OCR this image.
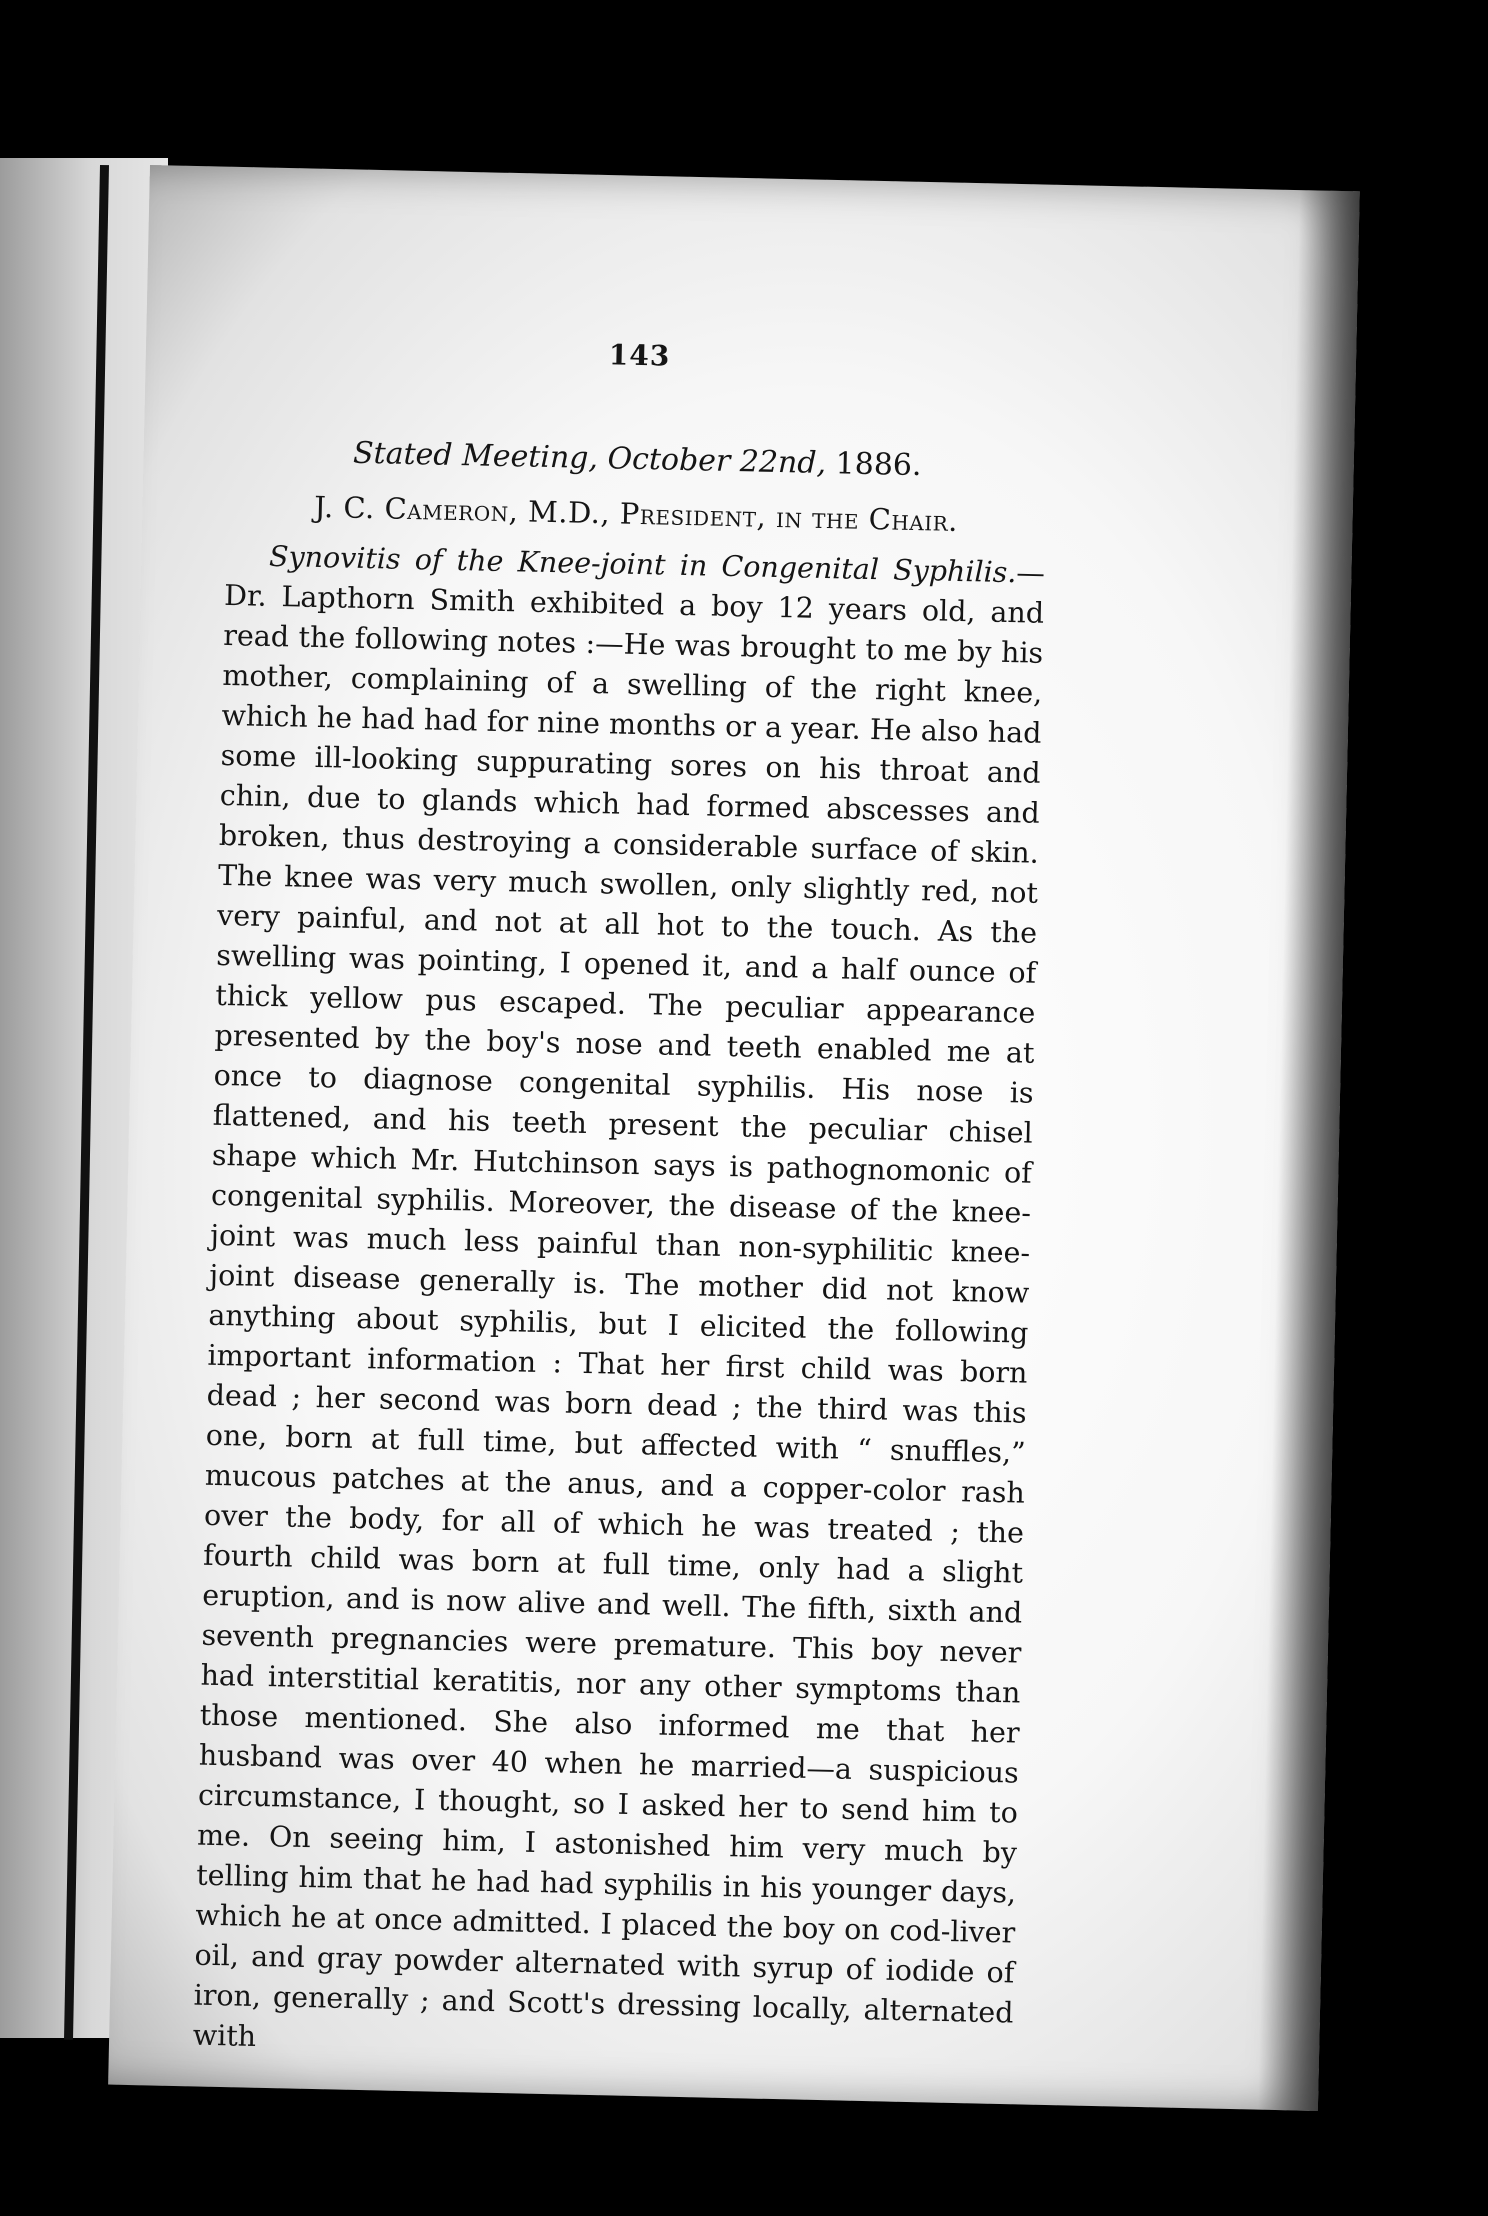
143
Stated Meeting, October 22nd, 1886.
J. C. Cameron, M.D., President, in the Chair.

Synovitis of the Knee-joint in Congenital Syphilis.—Dr. Lapthorn Smith exhibited a boy 12 years old, and read the following notes :—He was brought to me by his mother, complaining of a swelling of the right knee, which he had had for nine months or a year. He also had some ill-looking suppurating sores on his throat and chin, due to glands which had formed abscesses and broken, thus destroying a considerable surface of skin. The knee was very much swollen, only slightly red, not very painful, and not at all hot to the touch. As the swelling was pointing, I opened it, and a half ounce of thick yellow pus escaped. The peculiar appearance presented by the boy's nose and teeth enabled me at once to diagnose congenital syphilis. His nose is flattened, and his teeth present the peculiar chisel shape which Mr. Hutchinson says is pathognomonic of congenital syphilis. Moreover, the disease of the knee-joint was much less painful than non-syphilitic knee-joint disease generally is. The mother did not know anything about syphilis, but I elicited the following important information : That her first child was born dead ; her second was born dead ; the third was this one, born at full time, but affected with “ snuffles,” mucous patches at the anus, and a copper-color rash over the body, for all of which he was treated ; the fourth child was born at full time, only had a slight eruption, and is now alive and well. The fifth, sixth and seventh pregnancies were premature. This boy never had interstitial keratitis, nor any other symptoms than those mentioned. She also informed me that her husband was over 40 when he married—a suspicious circumstance, I thought, so I asked her to send him to me. On seeing him, I astonished him very much by telling him that he had had syphilis in his younger days, which he at once admitted. I placed the boy on cod-liver oil, and gray powder alternated with syrup of iodide of iron, generally ; and Scott's dressing locally, alternated with
